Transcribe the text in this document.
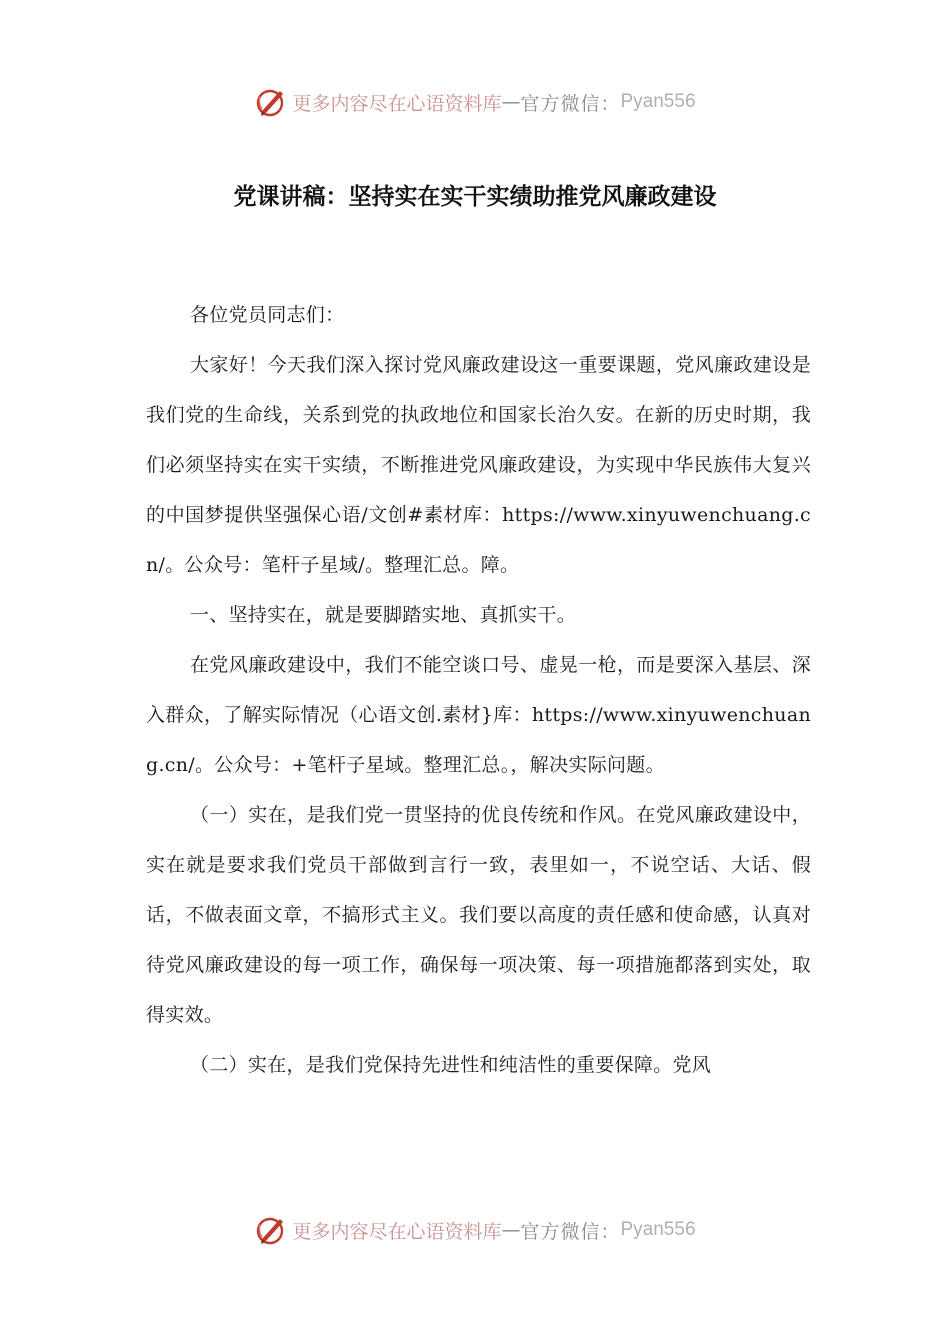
更多内容尽在心语资料库 — 官方微信： Pyan556
党课讲稿：坚持实在实干实绩助推党风廉政建设

各位党员同志们：

大家好！今天我们深入探讨党风廉政建设这一重要课题，党风廉政建设是我们党的生命线，关系到党的执政地位和国家长治久安。在新的历史时期，我们必须坚持实在实干实绩，不断推进党风廉政建设，为实现中华民族伟大复兴的中国梦提供坚强保心语/文创#素材库：https://www.xinyuwenchuang.cn/。公众号：笔杆子星域/。整理汇总。障。

一、坚持实在，就是要脚踏实地、真抓实干。

在党风廉政建设中，我们不能空谈口号、虚晃一枪，而是要深入基层、深入群众，了解实际情况（心语文创.素材}库：https://www.xinyuwenchuang.cn/。公众号：+笔杆子星域。整理汇总。，解决实际问题。

（一）实在，是我们党一贯坚持的优良传统和作风。在党风廉政建设中，实在就是要求我们党员干部做到言行一致，表里如一，不说空话、大话、假话，不做表面文章，不搞形式主义。我们要以高度的责任感和使命感，认真对待党风廉政建设的每一项工作，确保每一项决策、每一项措施都落到实处，取得实效。

（二）实在，是我们党保持先进性和纯洁性的重要保障。党风

更多内容尽在心语资料库 — 官方微信： Pyan556
